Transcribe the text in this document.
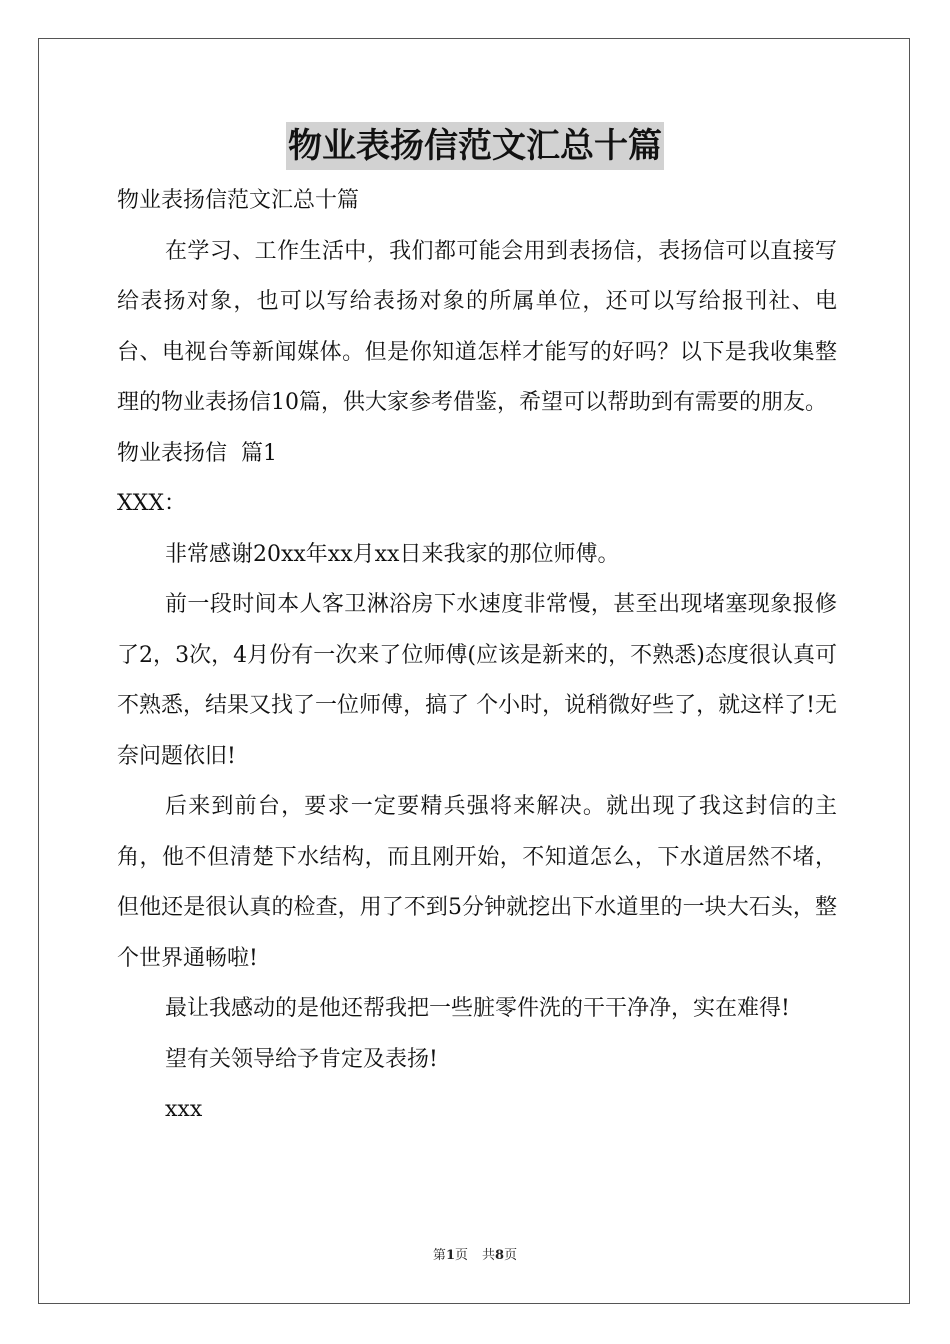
物业表扬信范文汇总十篇

物业表扬信范文汇总十篇

在学习、工作生活中，我们都可能会用到表扬信，表扬信可以直接写给表扬对象，也可以写给表扬对象的所属单位，还可以写给报刊社、电台、电视台等新闻媒体。但是你知道怎样才能写的好吗？以下是我收集整理的物业表扬信10篇，供大家参考借鉴，希望可以帮助到有需要的朋友。

物业表扬信  篇1

XXX：

非常感谢20xx年xx月xx日来我家的那位师傅。

前一段时间本人客卫淋浴房下水速度非常慢，甚至出现堵塞现象报修了2，3次，4月份有一次来了位师傅(应该是新来的，不熟悉)态度很认真可不熟悉，结果又找了一位师傅，搞了 个小时，说稍微好些了，就这样了!无奈问题依旧!

后来到前台，要求一定要精兵强将来解决。就出现了我这封信的主角，他不但清楚下水结构，而且刚开始，不知道怎么，下水道居然不堵，但他还是很认真的检查，用了不到5分钟就挖出下水道里的一块大石头，整个世界通畅啦!

最让我感动的是他还帮我把一些脏零件洗的干干净净，实在难得!

望有关领导给予肯定及表扬!

xxx

第1页 共8页
